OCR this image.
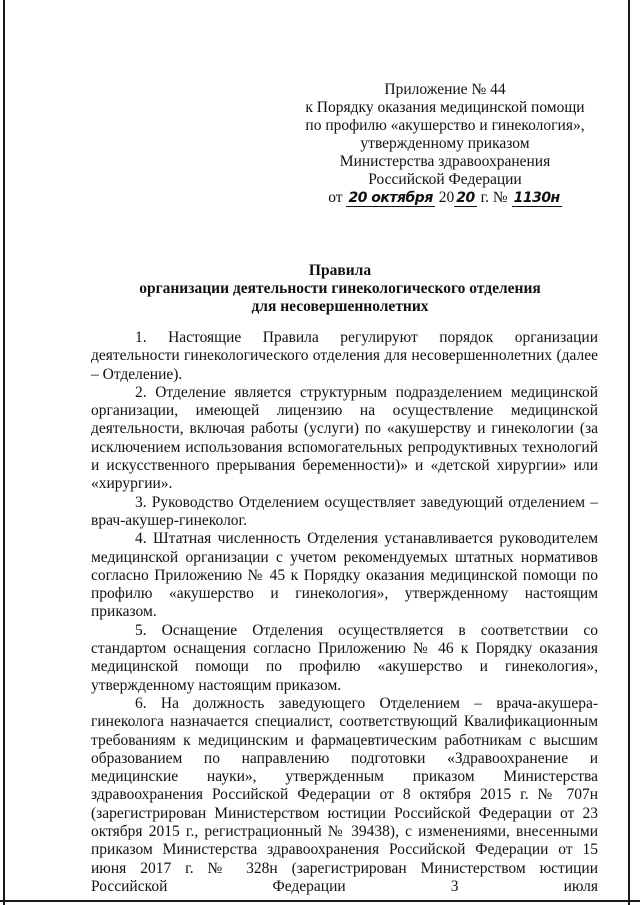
Приложение № 44
к Порядку оказания медицинской помощи
по профилю «акушерство и гинекология»,
утвержденному приказом
Министерства здравоохранения
Российской Федерации
от 20 октября 20 20 г. № 1130н
Правила
организации деятельности гинекологического отделения
для несовершеннолетних

1. Настоящие Правила регулируют порядок организации деятельности гинекологического отделения для несовершеннолетних (далее – Отделение).

2. Отделение является структурным подразделением медицинской организации, имеющей лицензию на осуществление медицинской деятельности, включая работы (услуги) по «акушерству и гинекологии (за исключением использования вспомогательных репродуктивных технологий и искусственного прерывания беременности)» и «детской хирургии» или «хирургии».

3. Руководство Отделением осуществляет заведующий отделением – врач-акушер-гинеколог.

4. Штатная численность Отделения устанавливается руководителем медицинской организации с учетом рекомендуемых штатных нормативов согласно Приложению № 45 к Порядку оказания медицинской помощи по профилю «акушерство и гинекология», утвержденному настоящим приказом.

5. Оснащение Отделения осуществляется в соответствии со стандартом оснащения согласно Приложению № 46 к Порядку оказания медицинской помощи по профилю «акушерство и гинекология», утвержденному настоящим приказом.

6. На должность заведующего Отделением – врача-акушера-гинеколога назначается специалист, соответствующий Квалификационным требованиям к медицинским и фармацевтическим работникам с высшим образованием по направлению подготовки «Здравоохранение и медицинские науки», утвержденным приказом Министерства здравоохранения Российской Федерации от 8 октября 2015 г. № 707н (зарегистрирован Министерством юстиции Российской Федерации от 23 октября 2015 г., регистрационный № 39438), с изменениями, внесенными приказом Министерства здравоохранения Российской Федерации от 15 июня 2017 г. № 328н (зарегистрирован Министерством юстиции Российской Федерации 3 июля
